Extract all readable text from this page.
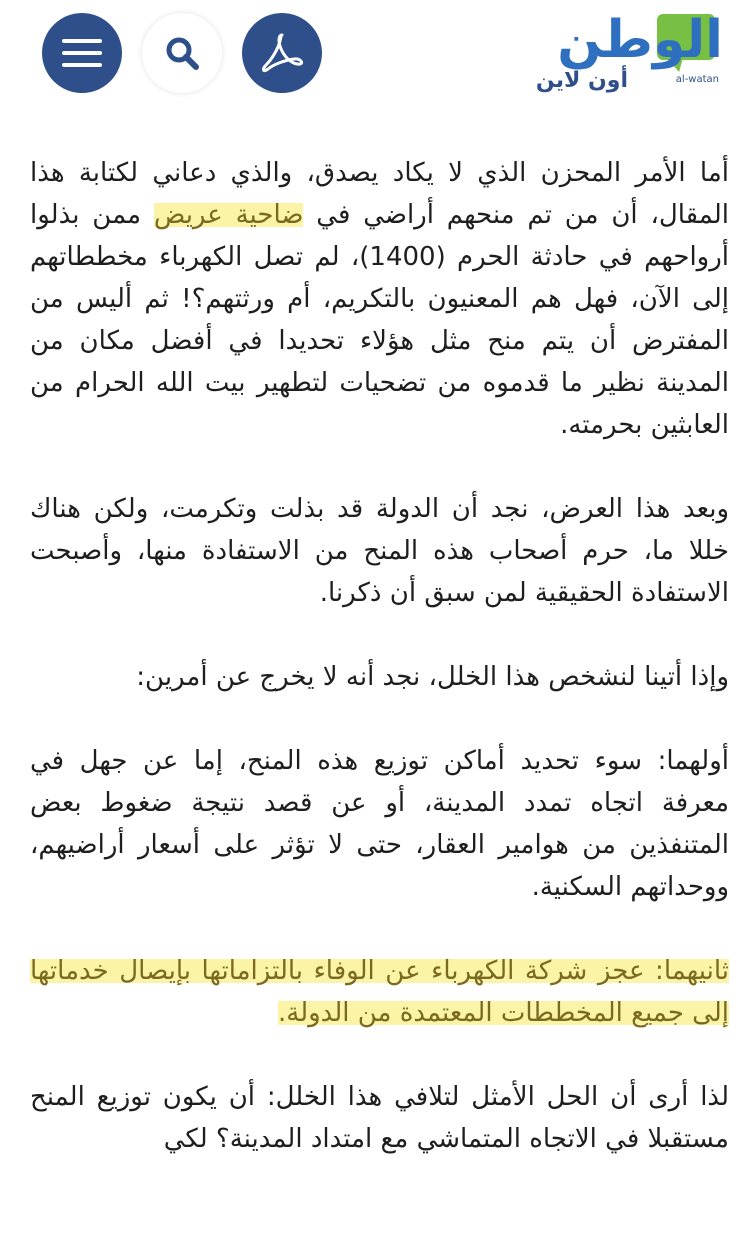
الوطن
أون لاين	al-watan

أما الأمر المحزن الذي لا يكاد يصدق، والذي دعاني لكتابة هذا المقال، أن من تم منحهم أراضي في ضاحية عريض ممن بذلوا أرواحهم في حادثة الحرم (1400)، لم تصل الكهرباء مخططاتهم إلى الآن، فهل هم المعنيون بالتكريم، أم ورثتهم؟! ثم أليس من المفترض أن يتم منح مثل هؤلاء تحديدا في أفضل مكان من المدينة نظير ما قدموه من تضحيات لتطهير بيت الله الحرام من العابثين بحرمته.

وبعد هذا العرض، نجد أن الدولة قد بذلت وتكرمت، ولكن هناك خللا ما، حرم أصحاب هذه المنح من الاستفادة منها، وأصبحت الاستفادة الحقيقية لمن سبق أن ذكرنا.

وإذا أتينا لنشخص هذا الخلل، نجد أنه لا يخرج عن أمرين:

أولهما: سوء تحديد أماكن توزيع هذه المنح، إما عن جهل في معرفة اتجاه تمدد المدينة، أو عن قصد نتيجة ضغوط بعض المتنفذين من هوامير العقار، حتى لا تؤثر على أسعار أراضيهم، ووحداتهم السكنية.

ثانيهما: عجز شركة الكهرباء عن الوفاء بالتزاماتها بإيصال خدماتها إلى جميع المخططات المعتمدة من الدولة.

لذا أرى أن الحل الأمثل لتلافي هذا الخلل: أن يكون توزيع المنح مستقبلا في الاتجاه المتماشي مع امتداد المدينة؟ لكي
